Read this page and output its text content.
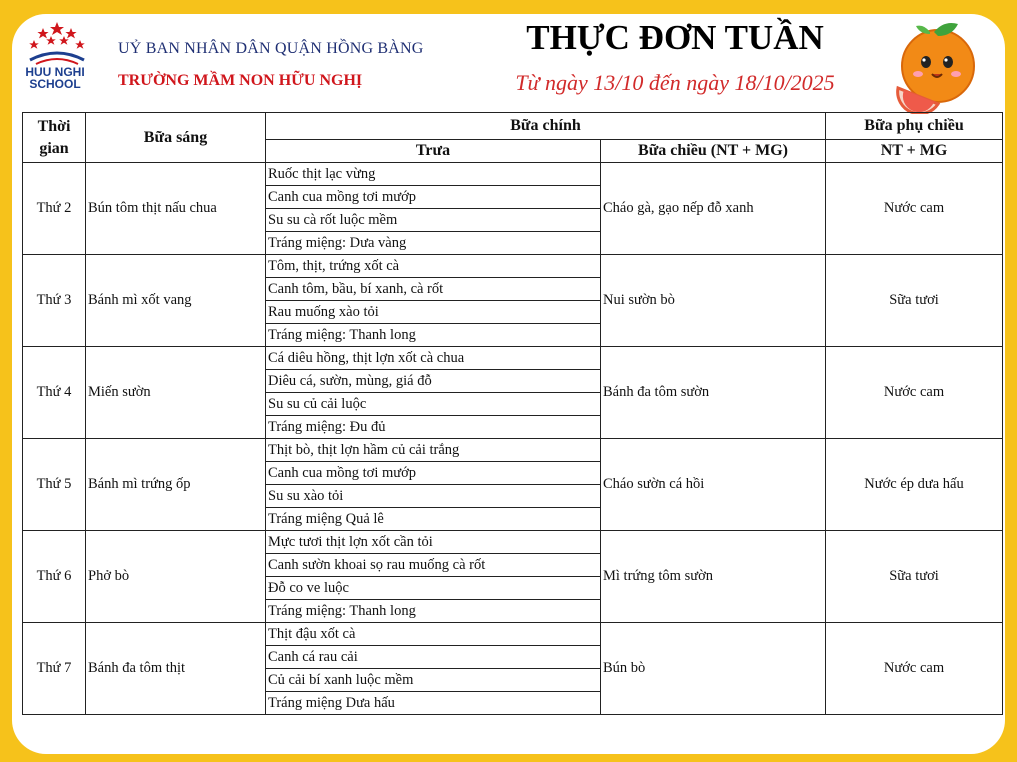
HUU NGHI
SCHOOL
UỶ BAN NHÂN DÂN QUẬN HỒNG BÀNG
TRƯỜNG MẦM NON HỮU NGHỊ
THỰC ĐƠN TUẦN
Từ ngày 13/10 đến ngày 18/10/2025
Thời gian	Bữa sáng	Bữa chính		Bữa phụ chiều
		Trưa	Bữa chiều (NT + MG)	NT + MG
Thứ 2	Bún tôm thịt nấu chua	Ruốc thịt lạc vừng	Cháo gà, gạo nếp đỗ xanh	Nước cam
		Canh cua mồng tơi mướp		
		Su su cà rốt luộc mềm		
		Tráng miệng: Dưa vàng		
Thứ 3	Bánh mì xốt vang	Tôm, thịt, trứng xốt cà	Nui sườn bò	Sữa tươi
		Canh tôm, bầu, bí xanh, cà rốt		
		Rau muống xào tỏi		
		Tráng miệng: Thanh long		
Thứ 4	Miến sườn	Cá diêu hồng, thịt lợn xốt cà chua	Bánh đa tôm sườn	Nước cam
		Diêu cá, sườn, mùng, giá đỗ		
		Su su củ cải luộc		
		Tráng miệng: Đu đủ		
Thứ 5	Bánh mì trứng ốp	Thịt bò, thịt lợn hầm củ cải trắng	Cháo sườn cá hồi	Nước ép dưa hấu
		Canh cua mồng tơi mướp		
		Su su xào tỏi		
		Tráng miệng Quả lê		
Thứ 6	Phở bò	Mực tươi thịt lợn xốt cần tỏi	Mì trứng tôm sườn	Sữa tươi
		Canh sườn khoai sọ rau muống cà rốt		
		Đỗ co ve luộc		
		Tráng miệng: Thanh long		
Thứ 7	Bánh đa tôm thịt	Thịt đậu xốt cà	Bún bò	Nước cam
		Canh cá rau cải		
		Củ cải bí xanh luộc mềm		
		Tráng miệng Dưa hấu		
